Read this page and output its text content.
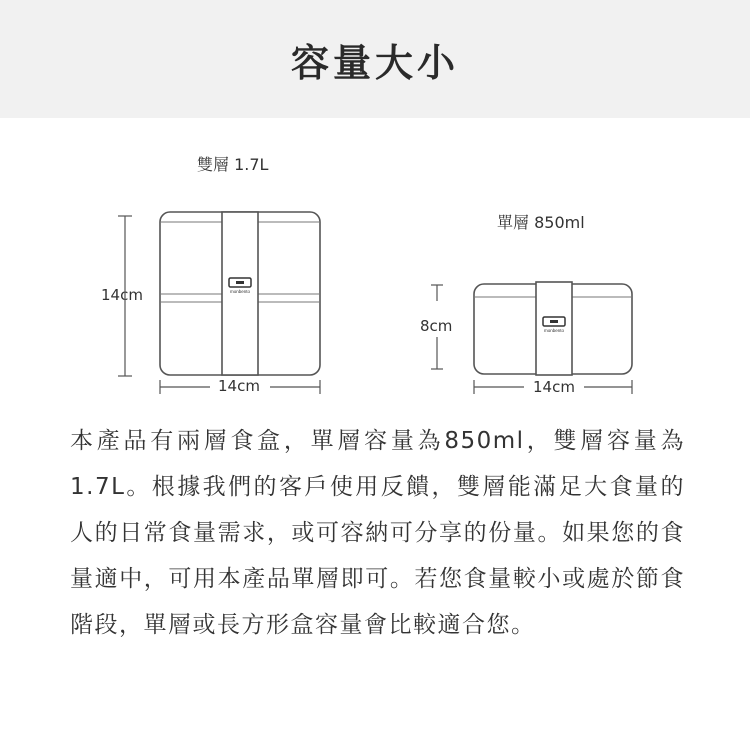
容量大小
雙層 1.7L
單層 850ml
14cm
14cm
8cm
14cm
monbento
monbento
本產品有兩層食盒，單層容量為850ml，雙層容量為1.7L。根據我們的客戶使用反饋，雙層能滿足大食量的人的日常食量需求，或可容納可分享的份量。如果您的食量適中，可用本產品單層即可。若您食量較小或處於節食階段，單層或長方形盒容量會比較適合您。
